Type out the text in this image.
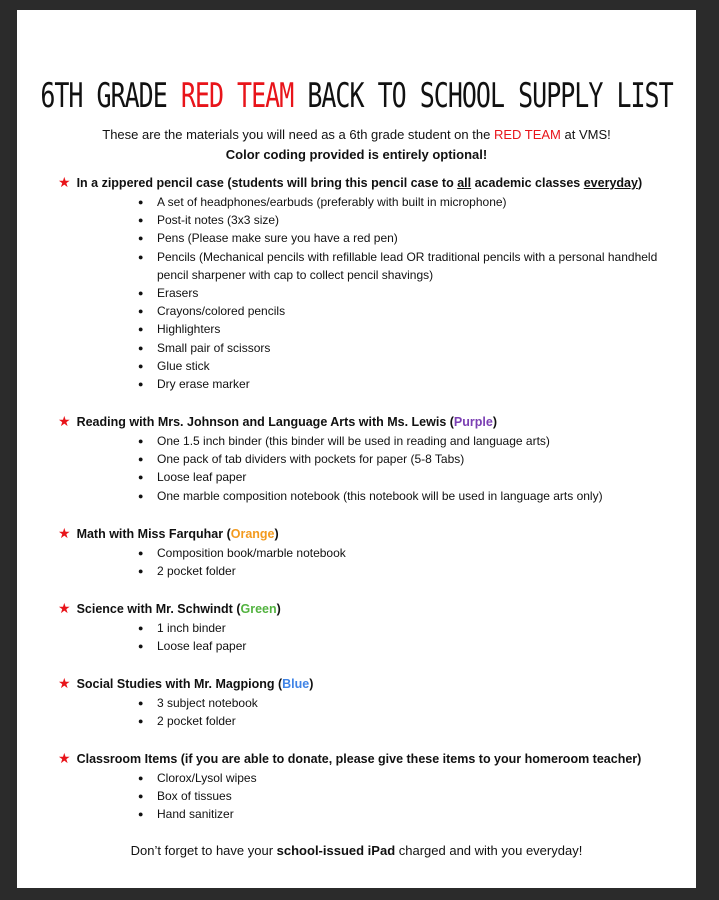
6TH GRADE RED TEAM BACK TO SCHOOL SUPPLY LIST
These are the materials you will need as a 6th grade student on the RED TEAM at VMS!
Color coding provided is entirely optional!
★ In a zippered pencil case (students will bring this pencil case to all academic classes everyday)
● A set of headphones/earbuds (preferably with built in microphone)
● Post-it notes (3x3 size)
● Pens (Please make sure you have a red pen)
● Pencils (Mechanical pencils with refillable lead OR traditional pencils with a personal handheld pencil sharpener with cap to collect pencil shavings)
● Erasers
● Crayons/colored pencils
● Highlighters
● Small pair of scissors
● Glue stick
● Dry erase marker
★ Reading with Mrs. Johnson and Language Arts with Ms. Lewis (Purple)
● One 1.5 inch binder (this binder will be used in reading and language arts)
● One pack of tab dividers with pockets for paper (5-8 Tabs)
● Loose leaf paper
● One marble composition notebook (this notebook will be used in language arts only)
★ Math with Miss Farquhar (Orange)
● Composition book/marble notebook
● 2 pocket folder
★ Science with Mr. Schwindt (Green)
● 1 inch binder
● Loose leaf paper
★ Social Studies with Mr. Magpiong (Blue)
● 3 subject notebook
● 2 pocket folder
★ Classroom Items (if you are able to donate, please give these items to your homeroom teacher)
● Clorox/Lysol wipes
● Box of tissues
● Hand sanitizer
Don’t forget to have your school-issued iPad charged and with you everyday!
